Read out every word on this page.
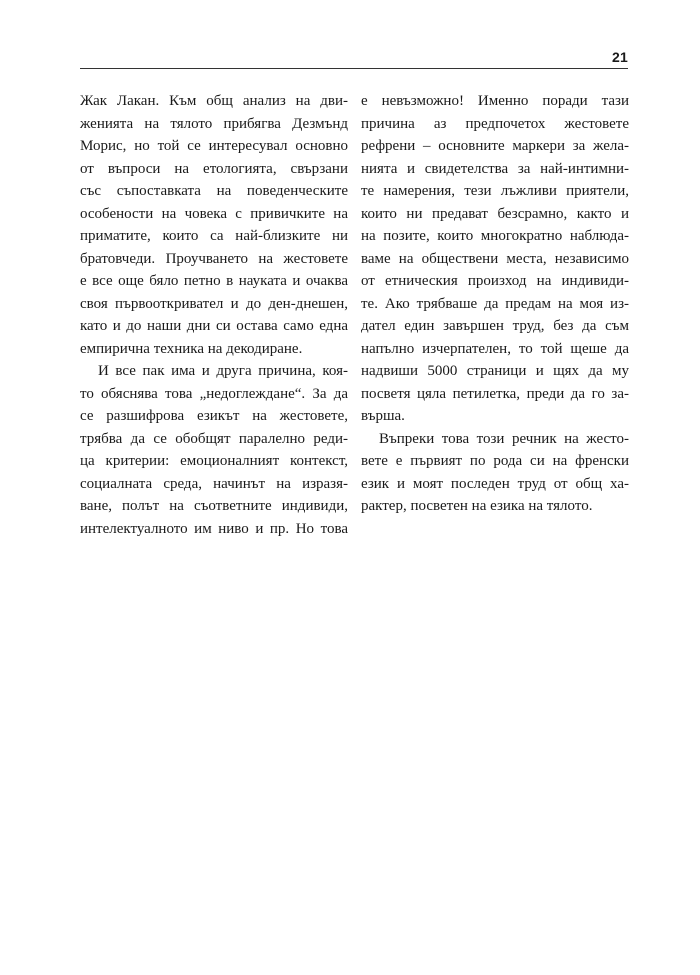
21
Жак Лакан. Към общ анализ на дви-
женията на тялото прибягва Дезмънд
Морис, но той се интересувал основно
от въпроси на етологията, свързани
със съпоставката на поведенческите
особености на човека с привичките на
приматите, които са най-близките ни
братовчеди. Проучването на жестовете
е все още бяло петно в науката и очаква
своя първооткривател и до ден-днешен,
като и до наши дни си остава само една
емпирична техника на декодиране.
И все пак има и друга причина, коя-
то обяснява това „недоглеждане“. За да
се разшифрова езикът на жестовете,
трябва да се обобщят паралелно реди-
ца критерии: емоционалният контекст,
социалната среда, начинът на изразя-
ване, полът на съответните индивиди,
интелектуалното им ниво и пр. Но това
е невъзможно! Именно поради тази
причина аз предпочетох жестовете
рефрени – основните маркери за жела-
нията и свидетелства за най-интимни-
те намерения, тези лъжливи приятели,
които ни предават безсрамно, както и
на позите, които многократно наблюда-
ваме на обществени места, независимо
от етническия произход на индивиди-
те. Ако трябваше да предам на моя из-
дател един завършен труд, без да съм
напълно изчерпателен, то той щеше да
надвиши 5000 страници и щях да му
посветя цяла петилетка, преди да го за-
върша.
Въпреки това този речник на жесто-
вете е първият по рода си на френски
език и моят последен труд от общ ха-
рактер, посветен на езика на тялото.
